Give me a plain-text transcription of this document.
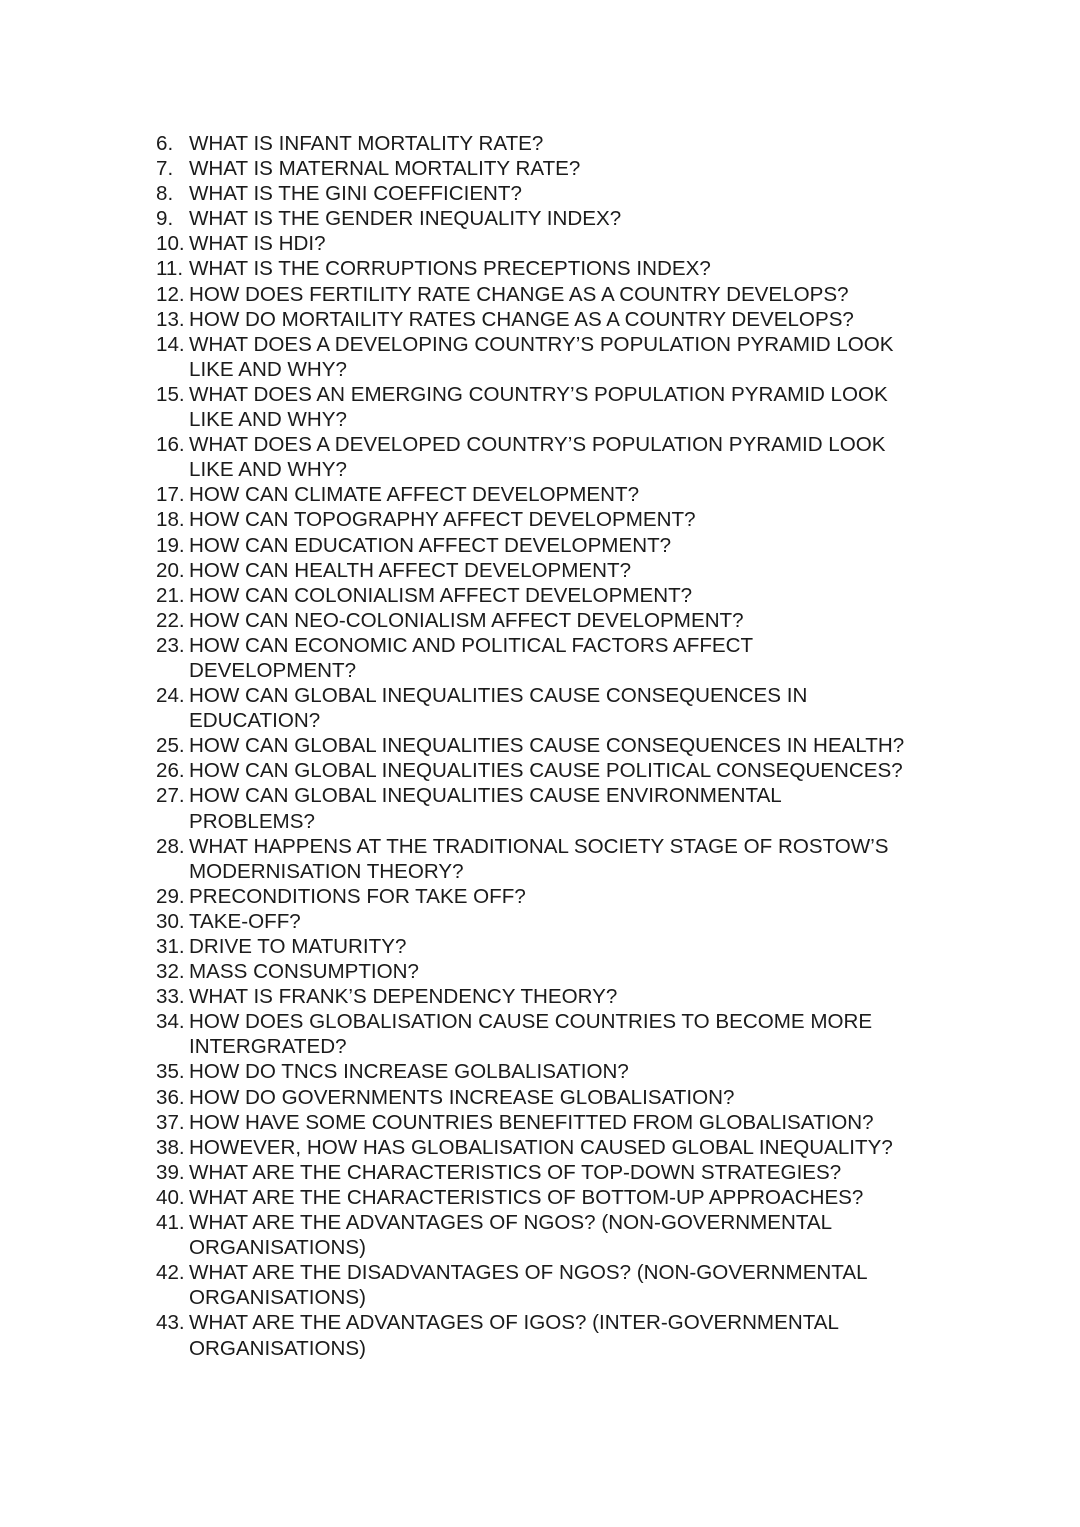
6. WHAT IS INFANT MORTALITY RATE?
7. WHAT IS MATERNAL MORTALITY RATE?
8. WHAT IS THE GINI COEFFICIENT?
9. WHAT IS THE GENDER INEQUALITY INDEX?
10. WHAT IS HDI?
11. WHAT IS THE CORRUPTIONS PRECEPTIONS INDEX?
12. HOW DOES FERTILITY RATE CHANGE AS A COUNTRY DEVELOPS?
13. HOW DO MORTAILITY RATES CHANGE AS A COUNTRY DEVELOPS?
14. WHAT DOES A DEVELOPING COUNTRY’S POPULATION PYRAMID LOOK
LIKE AND WHY?
15. WHAT DOES AN EMERGING COUNTRY’S POPULATION PYRAMID LOOK
LIKE AND WHY?
16. WHAT DOES A DEVELOPED COUNTRY’S POPULATION PYRAMID LOOK
LIKE AND WHY?
17. HOW CAN CLIMATE AFFECT DEVELOPMENT?
18. HOW CAN TOPOGRAPHY AFFECT DEVELOPMENT?
19. HOW CAN EDUCATION AFFECT DEVELOPMENT?
20. HOW CAN HEALTH AFFECT DEVELOPMENT?
21. HOW CAN COLONIALISM AFFECT DEVELOPMENT?
22. HOW CAN NEO-COLONIALISM AFFECT DEVELOPMENT?
23. HOW CAN ECONOMIC AND POLITICAL FACTORS AFFECT
DEVELOPMENT?
24. HOW CAN GLOBAL INEQUALITIES CAUSE CONSEQUENCES IN
EDUCATION?
25. HOW CAN GLOBAL INEQUALITIES CAUSE CONSEQUENCES IN HEALTH?
26. HOW CAN GLOBAL INEQUALITIES CAUSE POLITICAL CONSEQUENCES?
27. HOW CAN GLOBAL INEQUALITIES CAUSE ENVIRONMENTAL
PROBLEMS?
28. WHAT HAPPENS AT THE TRADITIONAL SOCIETY STAGE OF ROSTOW’S
MODERNISATION THEORY?
29. PRECONDITIONS FOR TAKE OFF?
30. TAKE-OFF?
31. DRIVE TO MATURITY?
32. MASS CONSUMPTION?
33. WHAT IS FRANK’S DEPENDENCY THEORY?
34. HOW DOES GLOBALISATION CAUSE COUNTRIES TO BECOME MORE
INTERGRATED?
35. HOW DO TNCS INCREASE GOLBALISATION?
36. HOW DO GOVERNMENTS INCREASE GLOBALISATION?
37. HOW HAVE SOME COUNTRIES BENEFITTED FROM GLOBALISATION?
38. HOWEVER, HOW HAS GLOBALISATION CAUSED GLOBAL INEQUALITY?
39. WHAT ARE THE CHARACTERISTICS OF TOP-DOWN STRATEGIES?
40. WHAT ARE THE CHARACTERISTICS OF BOTTOM-UP APPROACHES?
41. WHAT ARE THE ADVANTAGES OF NGOS? (NON-GOVERNMENTAL
ORGANISATIONS)
42. WHAT ARE THE DISADVANTAGES OF NGOS? (NON-GOVERNMENTAL
ORGANISATIONS)
43. WHAT ARE THE ADVANTAGES OF IGOS? (INTER-GOVERNMENTAL
ORGANISATIONS)
